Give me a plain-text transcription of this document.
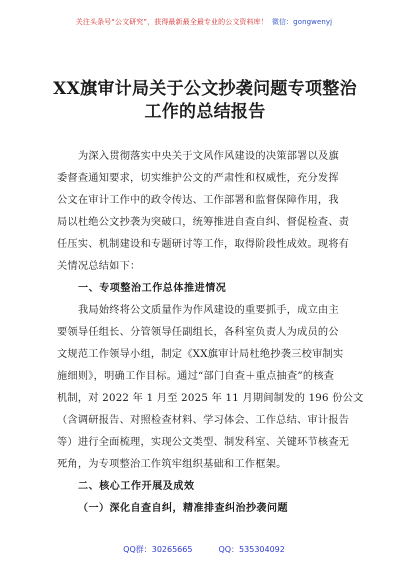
关注头条号“公文研究”，获得最新最全最专业的公文资料库！ 微信：gongwenyj
XX旗审计局关于公文抄袭问题专项整治
工作的总结报告
为深入贯彻落实中央关于文风作风建设的决策部署以及旗
委督查通知要求，切实维护公文的严肃性和权威性，充分发挥
公文在审计工作中的政令传达、工作部署和监督保障作用，我
局以杜绝公文抄袭为突破口，统筹推进自查自纠、督促检查、责
任压实、机制建设和专题研讨等工作，取得阶段性成效。现将有
关情况总结如下：
一、专项整治工作总体推进情况
我局始终将公文质量作为作风建设的重要抓手，成立由主
要领导任组长、分管领导任副组长，各科室负责人为成员的公
文规范工作领导小组，制定《XX旗审计局杜绝抄袭三校审制实
施细则》，明确工作目标。通过“部门自查＋重点抽查”的核查
机制，对 2022 年 1 月至 2025 年 11 月期间制发的 196 份公文
（含调研报告、对照检查材料、学习体会、工作总结、审计报告
等）进行全面梳理，实现公文类型、制发科室、关键环节核查无
死角，为专项整治工作筑牢组织基础和工作框架。
二、核心工作开展及成效
（一）深化自查自纠，精准排查纠治抄袭问题
QQ群：30265665	QQ：535304092
